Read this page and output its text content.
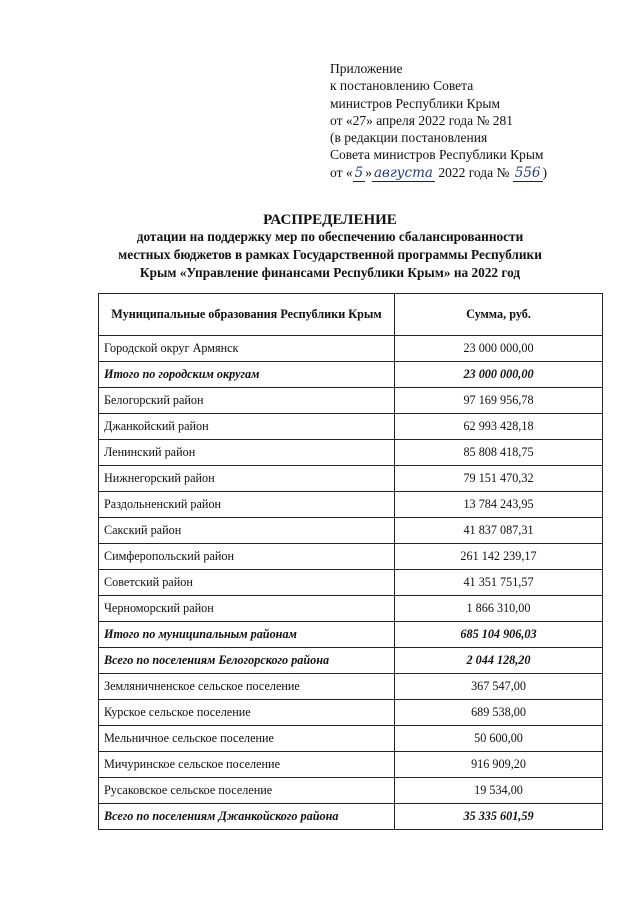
Приложение
к постановлению Совета
министров Республики Крым
от «27» апреля 2022 года № 281
(в редакции постановления
Совета министров Республики Крым
от « 5 » августа 2022 года № 556 )
РАСПРЕДЕЛЕНИЕ
дотации на поддержку мер по обеспечению сбалансированности
местных бюджетов в рамках Государственной программы Республики
Крым «Управление финансами Республики Крым» на 2022 год
Муниципальные образования Республики Крым	Сумма, руб.
Городской округ Армянск	23 000 000,00
Итого по городским округам	23 000 000,00
Белогорский район	97 169 956,78
Джанкойский район	62 993 428,18
Ленинский район	85 808 418,75
Нижнегорский район	79 151 470,32
Раздольненский район	13 784 243,95
Сакский район	41 837 087,31
Симферопольский район	261 142 239,17
Советский район	41 351 751,57
Черноморский район	1 866 310,00
Итого по муниципальным районам	685 104 906,03
Всего по поселениям Белогорского района	2 044 128,20
Земляничненское сельское поселение	367 547,00
Курское сельское поселение	689 538,00
Мельничное сельское поселение	50 600,00
Мичуринское сельское поселение	916 909,20
Русаковское сельское поселение	19 534,00
Всего по поселениям Джанкойского района	35 335 601,59
